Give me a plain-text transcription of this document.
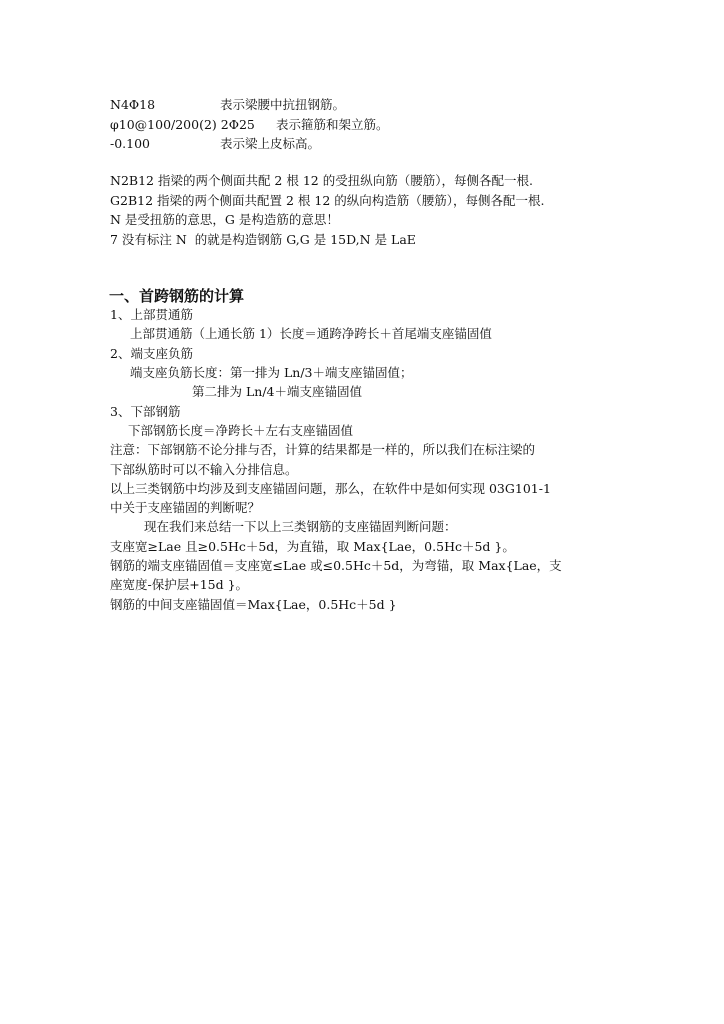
N4Φ18	表示梁腰中抗扭钢筋。
φ10@100/200(2) 2Φ25 表示箍筋和架立筋。
-0.100	表示梁上皮标高。
N2B12 指梁的两个侧面共配 2 根 12 的受扭纵向筋（腰筋），每侧各配一根.
G2B12 指梁的两个侧面共配置 2 根 12 的纵向构造筋（腰筋），每侧各配一根.
N 是受扭筋的意思，G 是构造筋的意思！
7 没有标注 N  的就是构造钢筋 G,G 是 15D,N 是 LaE
一、首跨钢筋的计算
1、上部贯通筋
上部贯通筋（上通长筋 1）长度＝通跨净跨长＋首尾端支座锚固值
2、端支座负筋
端支座负筋长度：第一排为 Ln/3＋端支座锚固值；
第二排为 Ln/4＋端支座锚固值
3、下部钢筋
下部钢筋长度＝净跨长＋左右支座锚固值
注意：下部钢筋不论分排与否，计算的结果都是一样的，所以我们在标注梁的
下部纵筋时可以不输入分排信息。
以上三类钢筋中均涉及到支座锚固问题，那么，在软件中是如何实现 03G101-1
中关于支座锚固的判断呢？
现在我们来总结一下以上三类钢筋的支座锚固判断问题：
支座宽≥Lae 且≥0.5Hc＋5d，为直锚，取 Max{Lae，0.5Hc＋5d }。
钢筋的端支座锚固值＝支座宽≤Lae 或≤0.5Hc＋5d，为弯锚，取 Max{Lae，支
座宽度-保护层+15d }。
钢筋的中间支座锚固值＝Max{Lae，0.5Hc＋5d }
